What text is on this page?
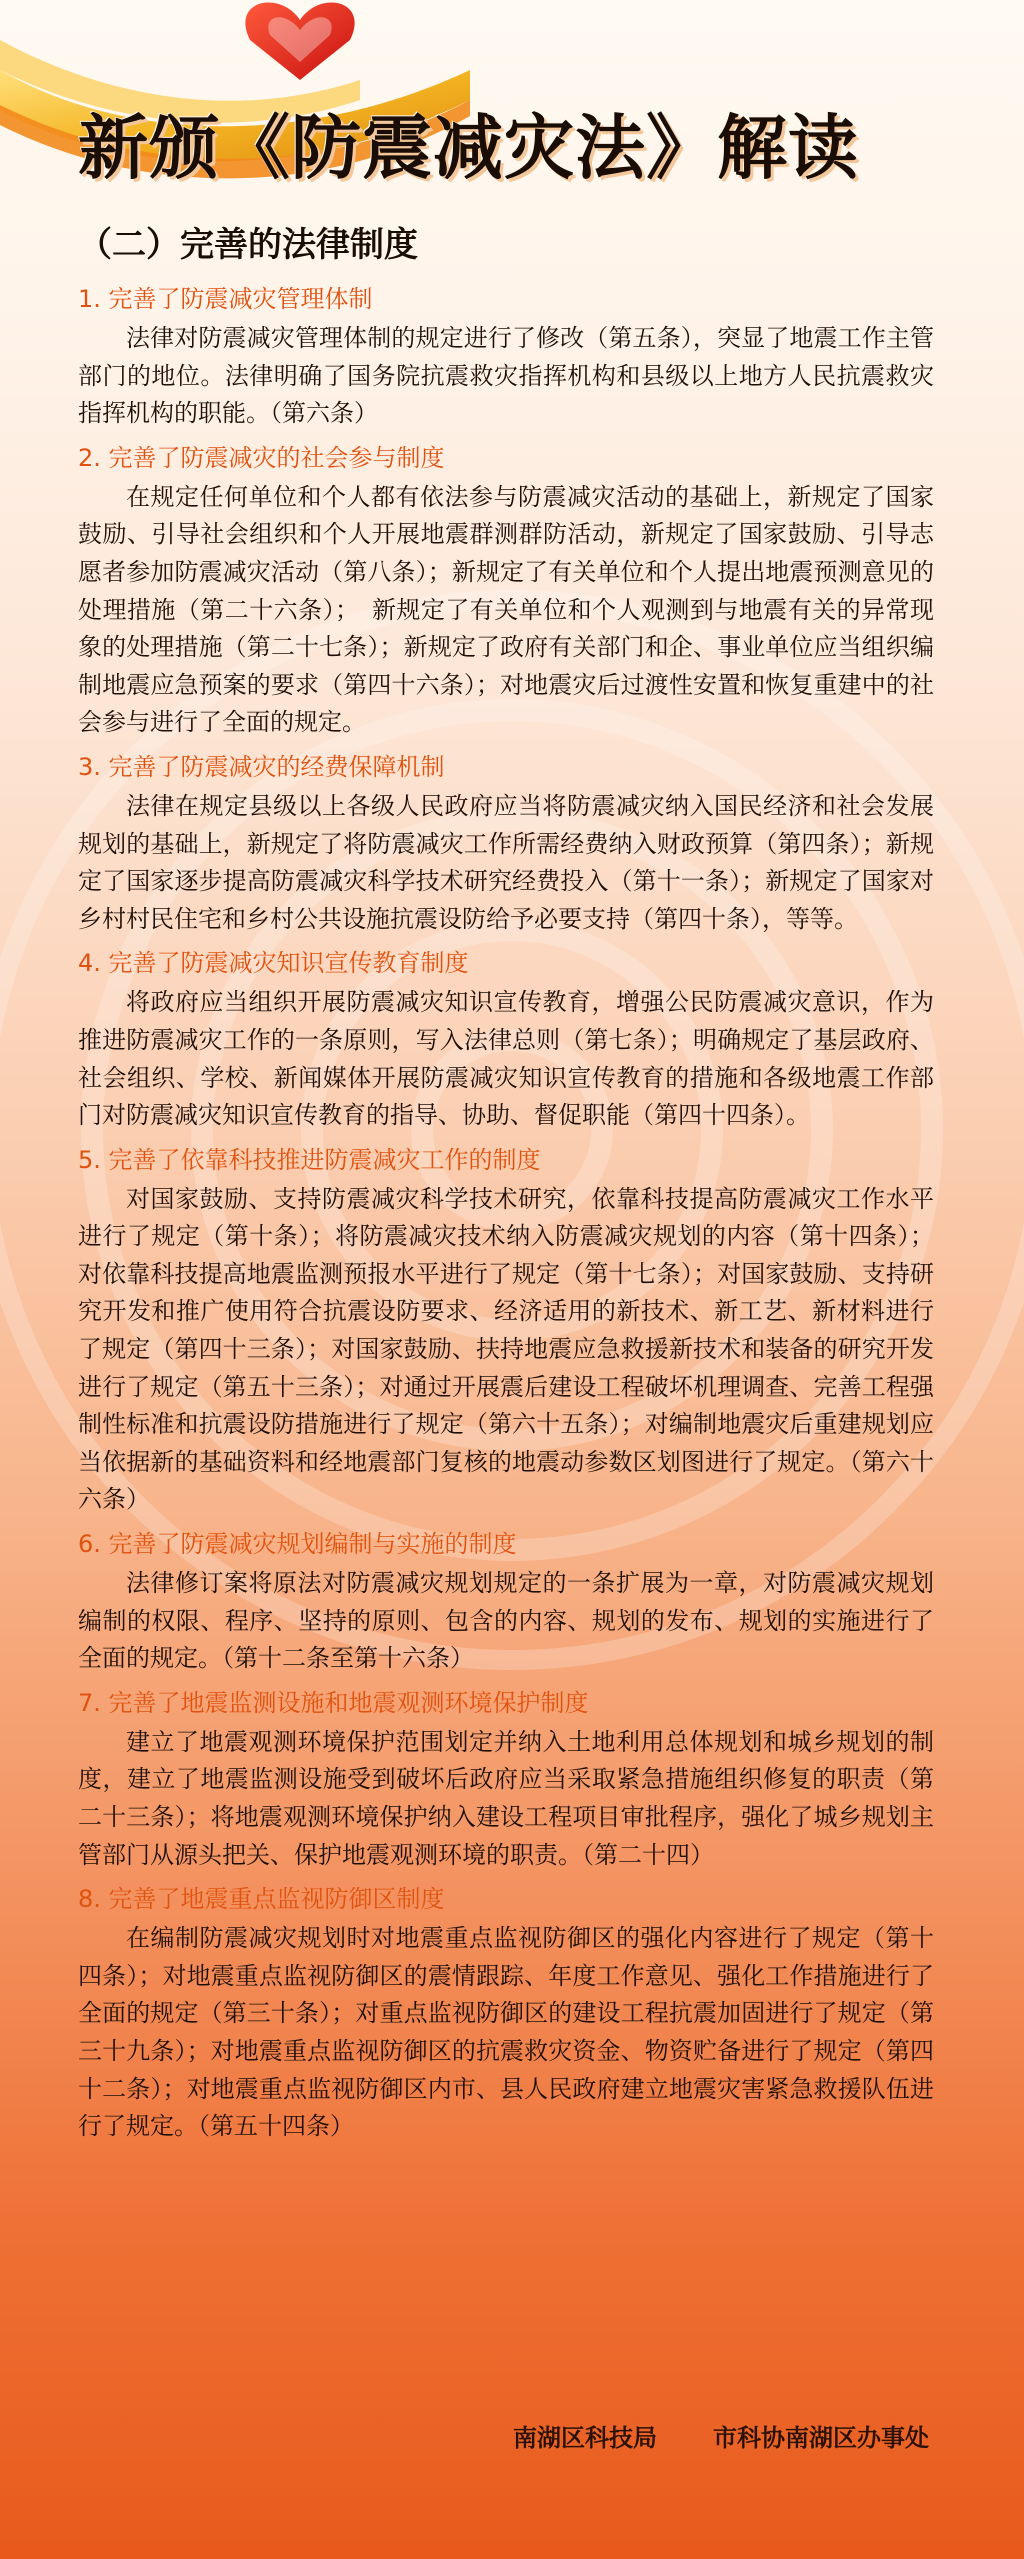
新颁《防震减灾法》解读
（二）完善的法律制度
1. 完善了防震减灾管理体制

法律对防震减灾管理体制的规定进行了修改（第五条），突显了地震工作主管部门的地位。法律明确了国务院抗震救灾指挥机构和县级以上地方人民抗震救灾指挥机构的职能。（第六条）

2. 完善了防震减灾的社会参与制度

在规定任何单位和个人都有依法参与防震减灾活动的基础上，新规定了国家鼓励、引导社会组织和个人开展地震群测群防活动，新规定了国家鼓励、引导志愿者参加防震减灾活动（第八条）；新规定了有关单位和个人提出地震预测意见的处理措施（第二十六条）；　新规定了有关单位和个人观测到与地震有关的异常现象的处理措施（第二十七条）；新规定了政府有关部门和企、事业单位应当组织编制地震应急预案的要求（第四十六条）；对地震灾后过渡性安置和恢复重建中的社会参与进行了全面的规定。

3. 完善了防震减灾的经费保障机制

法律在规定县级以上各级人民政府应当将防震减灾纳入国民经济和社会发展规划的基础上，新规定了将防震减灾工作所需经费纳入财政预算（第四条）；新规定了国家逐步提高防震减灾科学技术研究经费投入（第十一条）；新规定了国家对乡村村民住宅和乡村公共设施抗震设防给予必要支持（第四十条），等等。

4. 完善了防震减灾知识宣传教育制度

将政府应当组织开展防震减灾知识宣传教育，增强公民防震减灾意识，作为推进防震减灾工作的一条原则，写入法律总则（第七条）；明确规定了基层政府、社会组织、学校、新闻媒体开展防震减灾知识宣传教育的措施和各级地震工作部门对防震减灾知识宣传教育的指导、协助、督促职能（第四十四条）。

5. 完善了依靠科技推进防震减灾工作的制度

对国家鼓励、支持防震减灾科学技术研究，依靠科技提高防震减灾工作水平进行了规定（第十条）；将防震减灾技术纳入防震减灾规划的内容（第十四条）；对依靠科技提高地震监测预报水平进行了规定（第十七条）；对国家鼓励、支持研究开发和推广使用符合抗震设防要求、经济适用的新技术、新工艺、新材料进行了规定（第四十三条）；对国家鼓励、扶持地震应急救援新技术和装备的研究开发进行了规定（第五十三条）；对通过开展震后建设工程破坏机理调查、完善工程强制性标准和抗震设防措施进行了规定（第六十五条）；对编制地震灾后重建规划应当依据新的基础资料和经地震部门复核的地震动参数区划图进行了规定。（第六十六条）

6. 完善了防震减灾规划编制与实施的制度

法律修订案将原法对防震减灾规划规定的一条扩展为一章，对防震减灾规划编制的权限、程序、坚持的原则、包含的内容、规划的发布、规划的实施进行了全面的规定。（第十二条至第十六条）

7. 完善了地震监测设施和地震观测环境保护制度

建立了地震观测环境保护范围划定并纳入土地利用总体规划和城乡规划的制度，建立了地震监测设施受到破坏后政府应当采取紧急措施组织修复的职责（第二十三条）；将地震观测环境保护纳入建设工程项目审批程序，强化了城乡规划主管部门从源头把关、保护地震观测环境的职责。（第二十四）

8. 完善了地震重点监视防御区制度

在编制防震减灾规划时对地震重点监视防御区的强化内容进行了规定（第十四条）；对地震重点监视防御区的震情跟踪、年度工作意见、强化工作措施进行了全面的规定（第三十条）；对重点监视防御区的建设工程抗震加固进行了规定（第三十九条）；对地震重点监视防御区的抗震救灾资金、物资贮备进行了规定（第四十二条）；对地震重点监视防御区内市、县人民政府建立地震灾害紧急救援队伍进行了规定。（第五十四条）

南湖区科技局 市科协南湖区办事处
